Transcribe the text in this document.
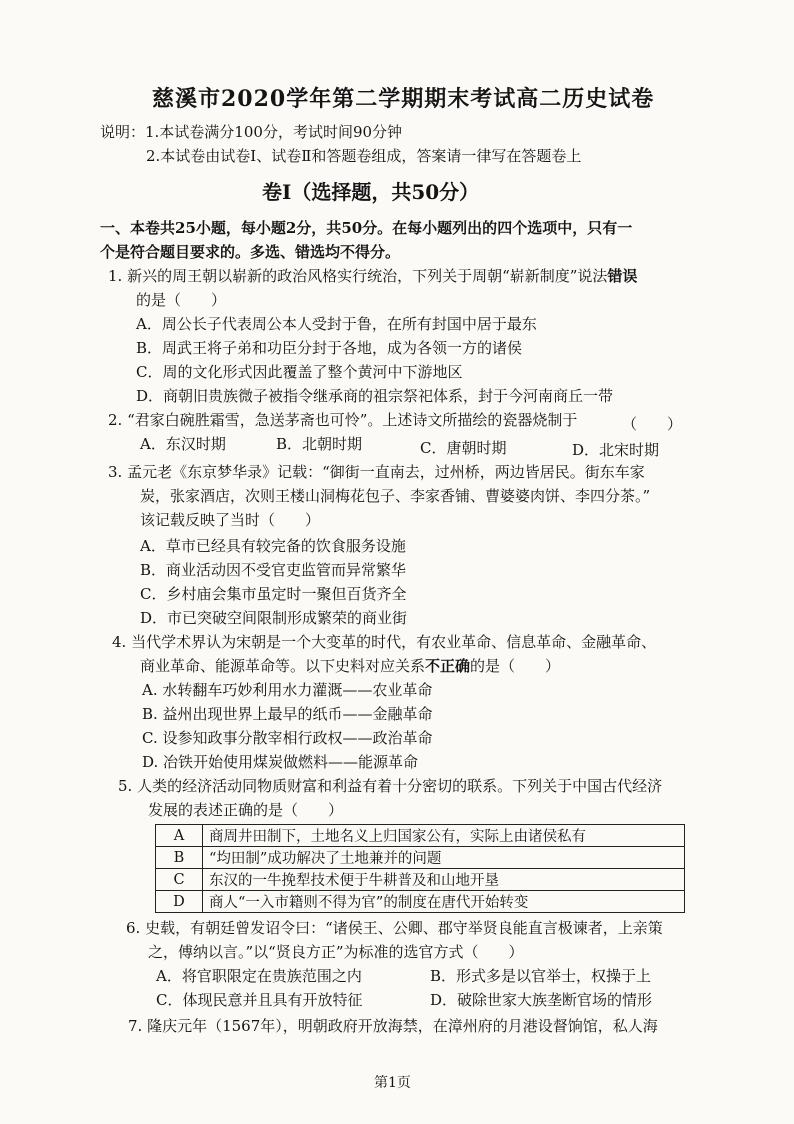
慈溪市2020学年第二学期期末考试高二历史试卷
说明：1.本试卷满分100分，考试时间90分钟
2.本试卷由试卷Ⅰ、试卷Ⅱ和答题卷组成，答案请一律写在答题卷上
卷Ⅰ（选择题，共50分）
一、本卷共25小题，每小题2分，共50分。在每小题列出的四个选项中，只有一
个是符合题目要求的。多选、错选均不得分。
1. 新兴的周王朝以崭新的政治风格实行统治，下列关于周朝“崭新制度”说法错误
的是（　　）
A．周公长子代表周公本人受封于鲁，在所有封国中居于最东
B．周武王将子弟和功臣分封于各地，成为各领一方的诸侯
C．周的文化形式因此覆盖了整个黄河中下游地区
D．商朝旧贵族微子被指令继承商的祖宗祭祀体系，封于今河南商丘一带
2. “君家白碗胜霜雪，急送茅斋也可怜”。上述诗文所描绘的瓷器烧制于	（　　）
A．东汉时期	B．北朝时期	C．唐朝时期	D．北宋时期
3. 孟元老《东京梦华录》记载：“御街一直南去，过州桥，两边皆居民。街东车家
炭，张家酒店，次则王楼山洞梅花包子、李家香铺、曹婆婆肉饼、李四分茶。”
该记载反映了当时（　　）
A．草市已经具有较完备的饮食服务设施
B．商业活动因不受官吏监管而异常繁华
C．乡村庙会集市虽定时一聚但百货齐全
D．市已突破空间限制形成繁荣的商业街
4. 当代学术界认为宋朝是一个大变革的时代，有农业革命、信息革命、金融革命、
商业革命、能源革命等。以下史料对应关系不正确的是（　　）
A. 水转翻车巧妙利用水力灌溉——农业革命
B. 益州出现世界上最早的纸币——金融革命
C. 设参知政事分散宰相行政权——政治革命
D. 冶铁开始使用煤炭做燃料——能源革命
5. 人类的经济活动同物质财富和利益有着十分密切的联系。下列关于中国古代经济
发展的表述正确的是（　　）
A	商周井田制下，土地名义上归国家公有，实际上由诸侯私有
B	“均田制”成功解决了土地兼并的问题
C	东汉的一牛挽犁技术便于牛耕普及和山地开垦
D	商人“一入市籍则不得为官”的制度在唐代开始转变
6. 史载，有朝廷曾发诏令曰：“诸侯王、公卿、郡守举贤良能直言极谏者，上亲策
之，傅纳以言。”以“贤良方正”为标准的选官方式（　　）
A．将官职限定在贵族范围之内	B．形式多是以官举士，权操于上
C．体现民意并且具有开放特征	D．破除世家大族垄断官场的情形
7. 隆庆元年（1567年），明朝政府开放海禁，在漳州府的月港设督饷馆，私人海
第1页
